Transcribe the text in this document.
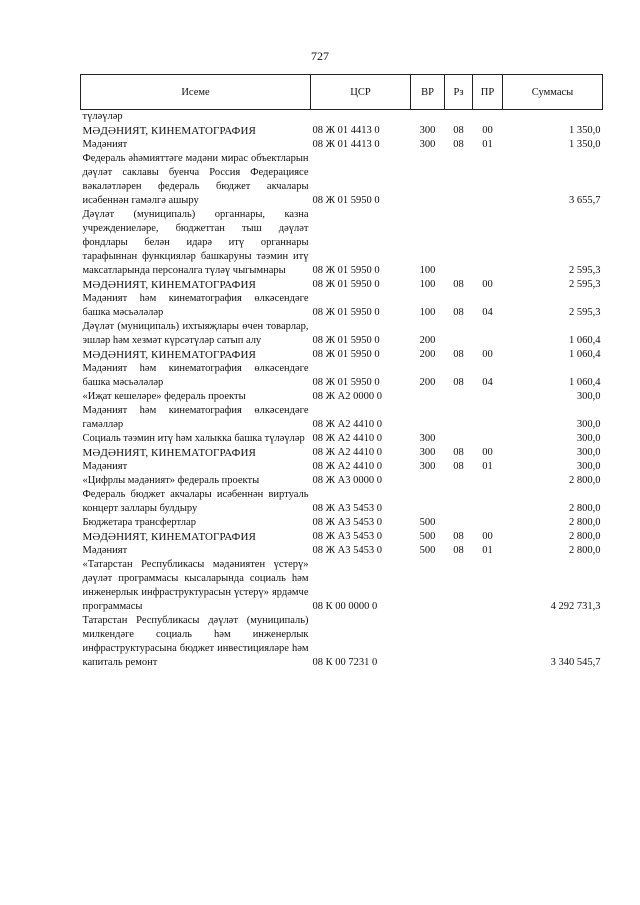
727
Исеме	ЦСР	ВР	Рз	ПР	Суммасы
түләүләр					
МӘДӘНИЯТ, КИНЕМАТОГРАФИЯ	08 Ж 01 4413 0	300	08	00	1 350,0
Мәдәният	08 Ж 01 4413 0	300	08	01	1 350,0
Федераль әһәмияттәге мәдәни мирас объектларын дәүләт саклавы буенча Россия Федерациясе вәкаләтләрен федераль бюджет акчалары исәбеннән гамәлгә ашыру	08 Ж 01 5950 0				3 655,7
Дәүләт (муниципаль) органнары, казна учреждениеләре, бюджеттан тыш дәүләт фондлары белән идарә итү органнары тарафыннан функцияләр башкаруны тәэмин итү максатларында персоналга түләү чыгымнары	08 Ж 01 5950 0	100			2 595,3
МӘДӘНИЯТ, КИНЕМАТОГРАФИЯ	08 Ж 01 5950 0	100	08	00	2 595,3
Мәдәният һәм кинематография өлкәсендәге башка мәсьәләләр	08 Ж 01 5950 0	100	08	04	2 595,3
Дәүләт (муниципаль) ихтыяҗлары өчен товарлар, эшләр һәм хезмәт күрсәтүләр сатып алу	08 Ж 01 5950 0	200			1 060,4
МӘДӘНИЯТ, КИНЕМАТОГРАФИЯ	08 Ж 01 5950 0	200	08	00	1 060,4
Мәдәният һәм кинематография өлкәсендәге башка мәсьәләләр	08 Ж 01 5950 0	200	08	04	1 060,4
«Иҗат кешеләре» федераль проекты	08 Ж А2 0000 0				300,0
Мәдәният һәм кинематография өлкәсендәге гамәлләр	08 Ж А2 4410 0				300,0
Социаль тәэмин итү һәм халыкка башка түләүләр	08 Ж А2 4410 0	300			300,0
МӘДӘНИЯТ, КИНЕМАТОГРАФИЯ	08 Ж А2 4410 0	300	08	00	300,0
Мәдәният	08 Ж А2 4410 0	300	08	01	300,0
«Цифрлы мәдәният» федераль проекты	08 Ж А3 0000 0				2 800,0
Федераль бюджет акчалары исәбеннән виртуаль концерт заллары булдыру	08 Ж А3 5453 0				2 800,0
Бюджетара трансфертлар	08 Ж А3 5453 0	500			2 800,0
МӘДӘНИЯТ, КИНЕМАТОГРАФИЯ	08 Ж А3 5453 0	500	08	00	2 800,0
Мәдәният	08 Ж А3 5453 0	500	08	01	2 800,0
«Татарстан Республикасы мәдәниятен үстерү» дәүләт программасы кысаларында социаль һәм инженерлык инфраструктурасын үстерү» ярдәмче программасы	08 К 00 0000 0				4 292 731,3
Татарстан Республикасы дәүләт (муниципаль) милкендәге социаль һәм инженерлык инфраструктурасына бюджет инвестицияләре һәм капиталь ремонт	08 К 00 7231 0				3 340 545,7
